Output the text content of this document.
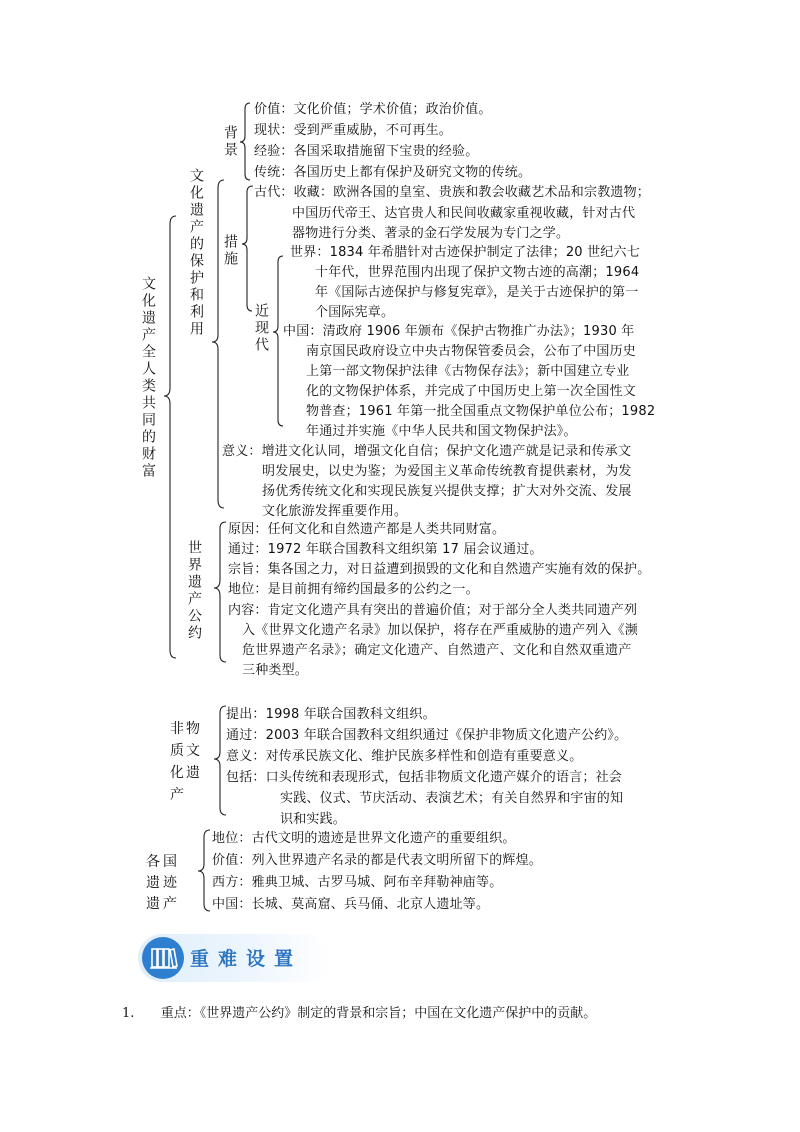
文化遗产全人类共同的财富
文化遗产的保护和利用
背景
措施
近现代
世界遗产公约
价值：文化价值；学术价值；政治价值。
现状：受到严重威胁，不可再生。
经验：各国采取措施留下宝贵的经验。
传统：各国历史上都有保护及研究文物的传统。
古代：收藏：欧洲各国的皇室、贵族和教会收藏艺术品和宗教遗物；
中国历代帝王、达官贵人和民间收藏家重视收藏，针对古代
器物进行分类、著录的金石学发展为专门之学。
世界：1834 年希腊针对古迹保护制定了法律；20 世纪六七
十年代，世界范围内出现了保护文物古迹的高潮；1964
年《国际古迹保护与修复宪章》，是关于古迹保护的第一
个国际宪章。
中国：清政府 1906 年颁布《保护古物推广办法》；1930 年
南京国民政府设立中央古物保管委员会，公布了中国历史
上第一部文物保护法律《古物保存法》；新中国建立专业
化的文物保护体系，并完成了中国历史上第一次全国性文
物普查；1961 年第一批全国重点文物保护单位公布；1982
年通过并实施《中华人民共和国文物保护法》。
意义：增进文化认同，增强文化自信；保护文化遗产就是记录和传承文
明发展史，以史为鉴；为爱国主义革命传统教育提供素材，为发
扬优秀传统文化和实现民族复兴提供支撑；扩大对外交流、发展
文化旅游发挥重要作用。
原因：任何文化和自然遗产都是人类共同财富。
通过：1972 年联合国教科文组织第 17 届会议通过。
宗旨：集各国之力，对日益遭到损毁的文化和自然遗产实施有效的保护。
地位：是目前拥有缔约国最多的公约之一。
内容：肯定文化遗产具有突出的普遍价值；对于部分全人类共同遗产列
入《世界文化遗产名录》加以保护，将存在严重威胁的遗产列入《濒
危世界遗产名录》；确定文化遗产、自然遗产、文化和自然双重遗产
三种类型。
非物质文化遗产
提出：1998 年联合国教科文组织。
通过：2003 年联合国教科文组织通过《保护非物质文化遗产公约》。
意义：对传承民族文化、维护民族多样性和创造有重要意义。
包括：口头传统和表现形式，包括非物质文化遗产媒介的语言；社会
实践、仪式、节庆活动、表演艺术；有关自然界和宇宙的知
识和实践。
各国遗迹遗产
地位：古代文明的遗迹是世界文化遗产的重要组织。
价值：列入世界遗产名录的都是代表文明所留下的辉煌。
西方：雅典卫城、古罗马城、阿布辛拜勒神庙等。
中国：长城、莫高窟、兵马俑、北京人遗址等。
重难设置
1. 重点：《世界遗产公约》制定的背景和宗旨；中国在文化遗产保护中的贡献。
